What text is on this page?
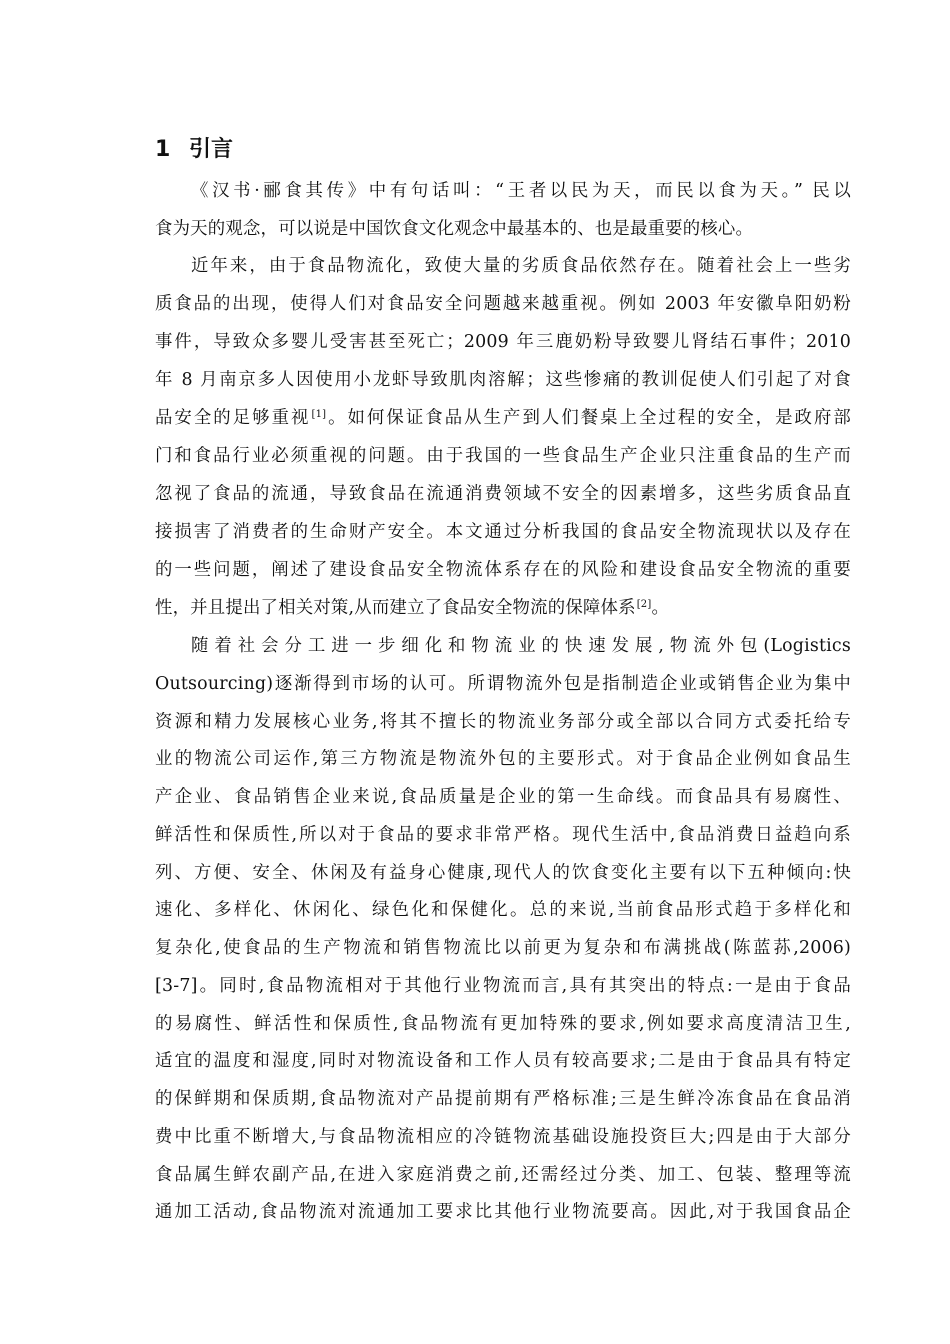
1 引言
《汉书·郦食其传》中有句话叫：“王者以民为天，而民以食为天。” 民以
食为天的观念，可以说是中国饮食文化观念中最基本的、也是最重要的核心。
近年来，由于食品物流化，致使大量的劣质食品依然存在。随着社会上一些劣
质食品的出现，使得人们对食品安全问题越来越重视。例如 2003 年安徽阜阳奶粉
事件，导致众多婴儿受害甚至死亡；2009 年三鹿奶粉导致婴儿肾结石事件；2010
年 8 月南京多人因使用小龙虾导致肌肉溶解；这些惨痛的教训促使人们引起了对食
品安全的足够重视[1]。如何保证食品从生产到人们餐桌上全过程的安全，是政府部
门和食品行业必须重视的问题。由于我国的一些食品生产企业只注重食品的生产而
忽视了食品的流通，导致食品在流通消费领域不安全的因素增多，这些劣质食品直
接损害了消费者的生命财产安全。本文通过分析我国的食品安全物流现状以及存在
的一些问题，阐述了建设食品安全物流体系存在的风险和建设食品安全物流的重要
性，并且提出了相关对策,从而建立了食品安全物流的保障体系[2]。
随着社会分工进一步细化和物流业的快速发展,物流外包(Logistics
Outsourcing)逐渐得到市场的认可。所谓物流外包是指制造企业或销售企业为集中
资源和精力发展核心业务,将其不擅长的物流业务部分或全部以合同方式委托给专
业的物流公司运作,第三方物流是物流外包的主要形式。对于食品企业例如食品生
产企业、食品销售企业来说,食品质量是企业的第一生命线。而食品具有易腐性、
鲜活性和保质性,所以对于食品的要求非常严格。现代生活中,食品消费日益趋向系
列、方便、安全、休闲及有益身心健康,现代人的饮食变化主要有以下五种倾向:快
速化、多样化、休闲化、绿色化和保健化。总的来说,当前食品形式趋于多样化和
复杂化,使食品的生产物流和销售物流比以前更为复杂和布满挑战(陈蓝荪,2006)
[3-7]。同时,食品物流相对于其他行业物流而言,具有其突出的特点:一是由于食品
的易腐性、鲜活性和保质性,食品物流有更加特殊的要求,例如要求高度清洁卫生,
适宜的温度和湿度,同时对物流设备和工作人员有较高要求;二是由于食品具有特定
的保鲜期和保质期,食品物流对产品提前期有严格标准;三是生鲜冷冻食品在食品消
费中比重不断增大,与食品物流相应的冷链物流基础设施投资巨大;四是由于大部分
食品属生鲜农副产品,在进入家庭消费之前,还需经过分类、加工、包装、整理等流
通加工活动,食品物流对流通加工要求比其他行业物流要高。因此,对于我国食品企
